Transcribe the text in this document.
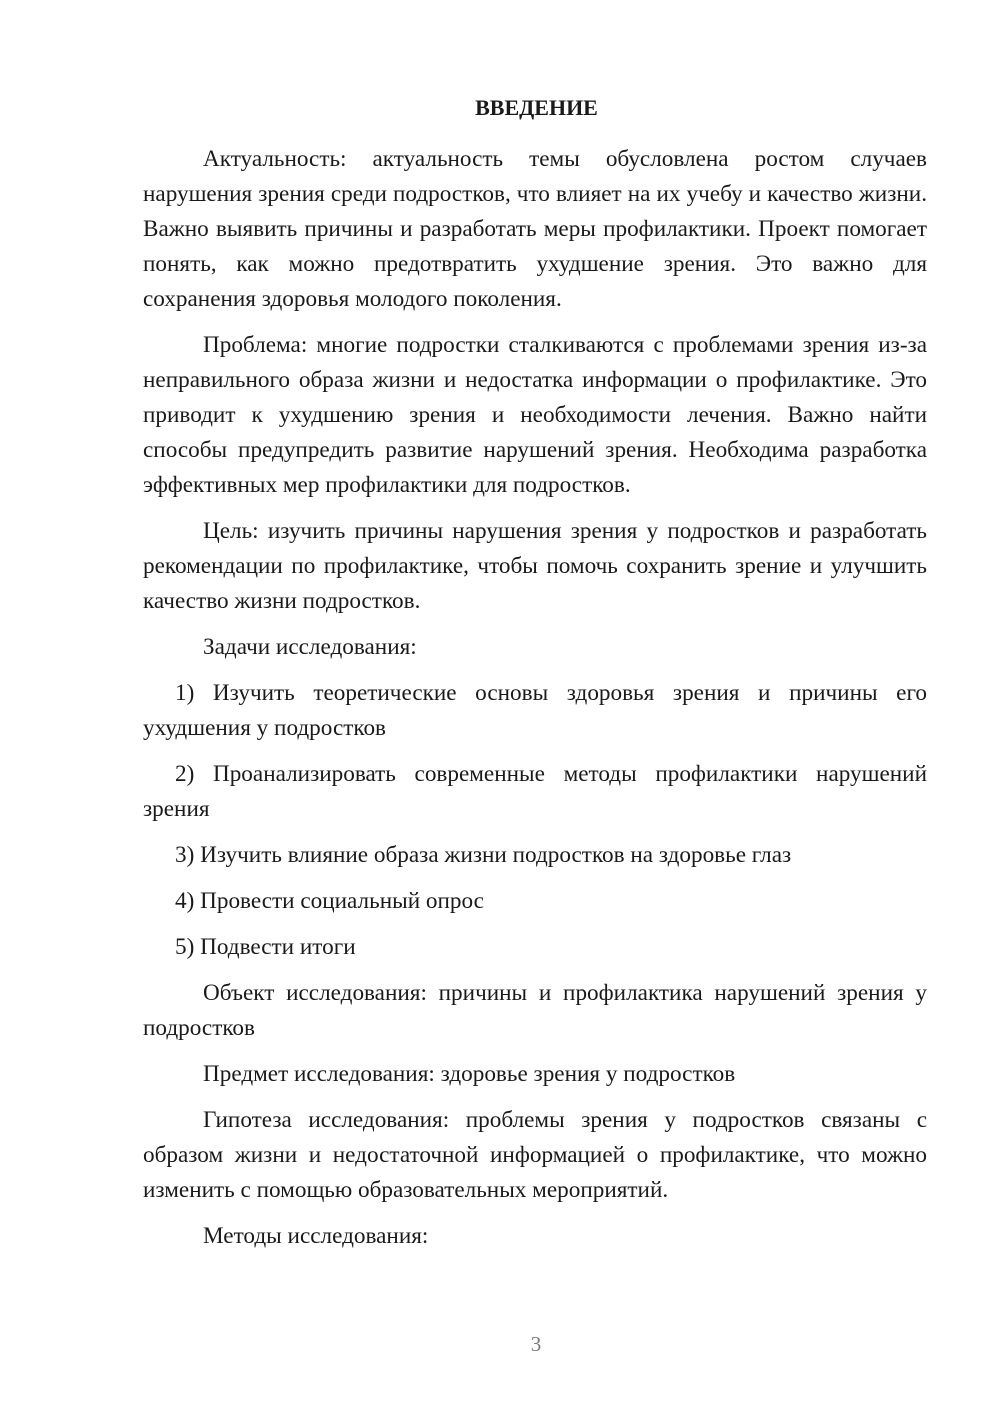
ВВЕДЕНИЕ

Актуальность: актуальность темы обусловлена ростом случаев нарушения зрения среди подростков, что влияет на их учебу и качество жизни. Важно выявить причины и разработать меры профилактики. Проект помогает понять, как можно предотвратить ухудшение зрения. Это важно для сохранения здоровья молодого поколения.

Проблема: многие подростки сталкиваются с проблемами зрения из-за неправильного образа жизни и недостатка информации о профилактике. Это приводит к ухудшению зрения и необходимости лечения. Важно найти способы предупредить развитие нарушений зрения. Необходима разработка эффективных мер профилактики для подростков.

Цель: изучить причины нарушения зрения у подростков и разработать рекомендации по профилактике, чтобы помочь сохранить зрение и улучшить качество жизни подростков.

Задачи исследования:

1) Изучить теоретические основы здоровья зрения и причины его ухудшения у подростков

2) Проанализировать современные методы профилактики нарушений зрения

3) Изучить влияние образа жизни подростков на здоровье глаз

4) Провести социальный опрос

5) Подвести итоги

Объект исследования: причины и профилактика нарушений зрения у подростков

Предмет исследования: здоровье зрения у подростков

Гипотеза исследования: проблемы зрения у подростков связаны с образом жизни и недостаточной информацией о профилактике, что можно изменить с помощью образовательных мероприятий.

Методы исследования:

3
